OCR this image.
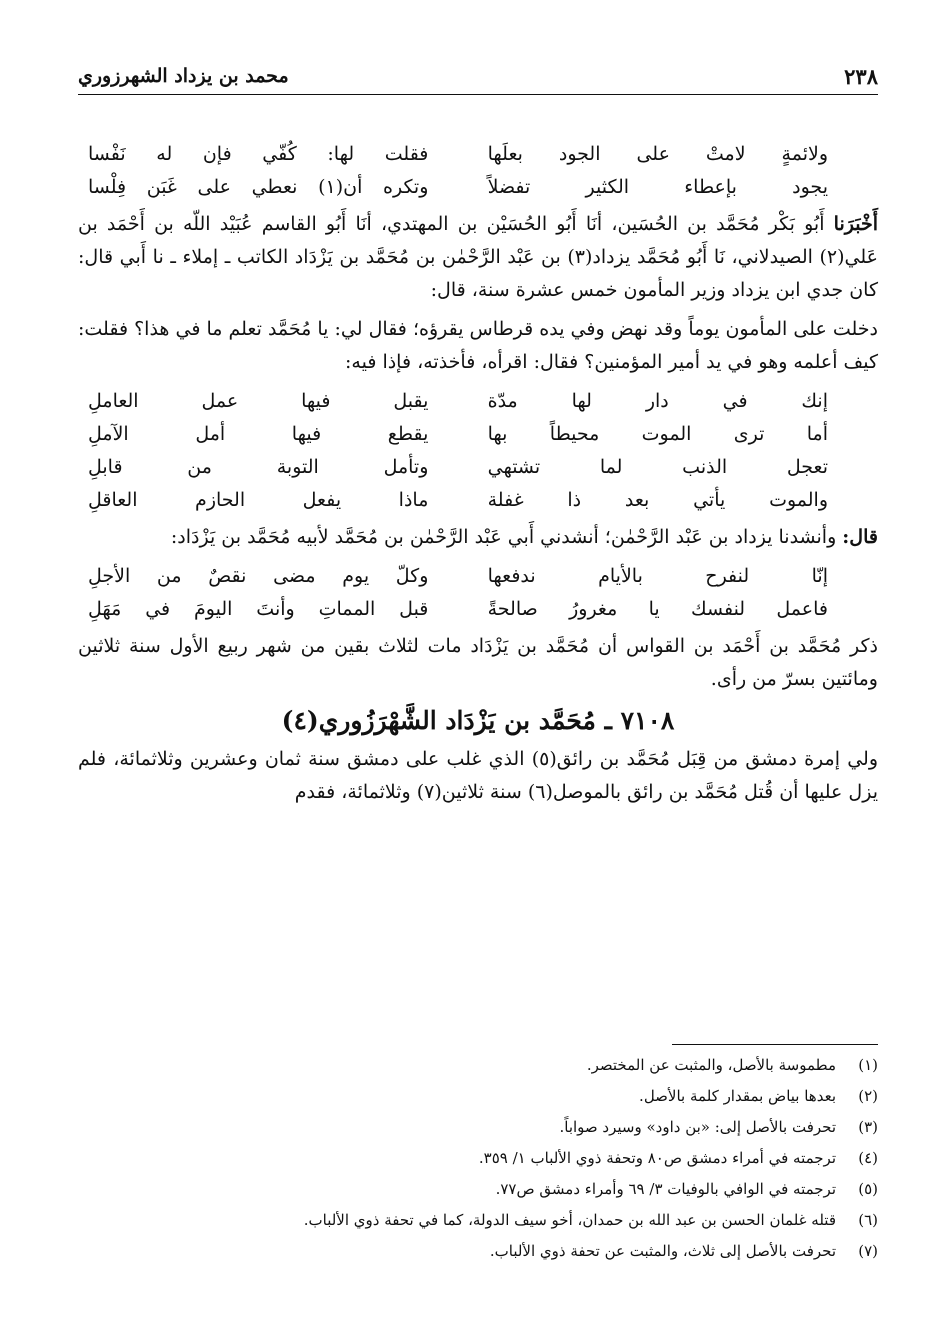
٢٣٨
محمد بن يزداد الشهرزوري
ولائمةٍ لامتْ على الجود بعلَها
فقلت لها: كُفّي فإن له نَفْسا
يجود بإعطاء الكثير تفضلاً
وتكره أن(١) نعطي على غَبَن فِلْسا

أَخْبَرَنا أَبُو بَكْر مُحَمَّد بن الحُسَين، أنَا أَبُو الحُسَيْن بن المهتدي، أنَا أَبُو القاسم عُبَيْد اللّه بن أَحْمَد بن عَلي(٢) الصيدلاني، نَا أَبُو مُحَمَّد يزداد(٣) بن عَبْد الرَّحْمٰن بن مُحَمَّد بن يَزْدَاد الكاتب ـ إملاء ـ نا أَبي قال: كان جدي ابن يزداد وزير المأمون خمس عشرة سنة، قال:

دخلت على المأمون يوماً وقد نهض وفي يده قرطاس يقرؤه؛ فقال لي: يا مُحَمَّد تعلم ما في هذا؟ فقلت: كيف أعلمه وهو في يد أمير المؤمنين؟ فقال: اقرأه، فأخذته، فإذا فيه:

إنك في دار لها مدّة
يقبل فيها عمل العاملِ
أما ترى الموت محيطاً بها
يقطع فيها أمل الآملِ
تعجل الذنب لما تشتهي
وتأمل التوبة من قابلِ
والموت يأتي بعد ذا غفلة
ماذا يفعل الحازم العاقلِ

قال: وأنشدنا يزداد بن عَبْد الرَّحْمٰن؛ أنشدني أَبي عَبْد الرَّحْمٰن بن مُحَمَّد لأبيه مُحَمَّد بن يَزْدَاد:

إنّا لنفرح بالأيام ندفعها
وكلّ يوم مضى نقصٌ من الأجلِ
فاعمل لنفسك يا مغرورُ صالحةً
قبل المماتِ وأنتَ اليومَ في مَهَلِ

ذكر مُحَمَّد بن أَحْمَد بن القواس أن مُحَمَّد بن يَزْدَاد مات لثلاث بقين من شهر ربيع الأول سنة ثلاثين ومائتين بسرّ من رأى.

٧١٠٨ ـ مُحَمَّد بن يَزْدَاد الشَّهْرَزُوري(٤)

ولي إمرة دمشق من قِبَل مُحَمَّد بن رائق(٥) الذي غلب على دمشق سنة ثمان وعشرين وثلاثمائة، فلم يزل عليها أن قُتل مُحَمَّد بن رائق بالموصل(٦) سنة ثلاثين(٧) وثلاثمائة، فقدم

(١)
مطموسة بالأصل، والمثبت عن المختصر.
(٢)
بعدها بياض بمقدار كلمة بالأصل.
(٣)
تحرفت بالأصل إلى: «بن داود» وسيرد صواباً.
(٤)
ترجمته في أمراء دمشق ص٨٠ وتحفة ذوي الألباب ١/ ٣٥٩.
(٥)
ترجمته في الوافي بالوفيات ٣/ ٦٩ وأمراء دمشق ص٧٧.
(٦)
قتله غلمان الحسن بن عبد الله بن حمدان، أخو سيف الدولة، كما في تحفة ذوي الألباب.
(٧)
تحرفت بالأصل إلى ثلاث، والمثبت عن تحفة ذوي الألباب.
